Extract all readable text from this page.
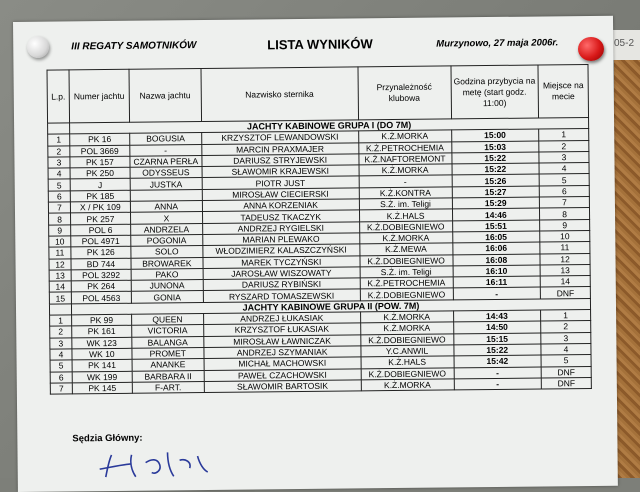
05-2
III REGATY SAMOTNIKÓW	LISTA WYNIKÓW	Murzynowo, 27 maja 2006r.
L.p.	Numer jachtu	Nazwa jachtu	Nazwisko sternika	Przynależność klubowa	Godzina przybycia na metę (start godz. 11:00)	Miejsce na mecie
	JACHTY KABINOWE GRUPA I (DO 7M)					
1	PK 16	BOGUSIA	KRZYSZTOF LEWANDOWSKI	K.Ż.MORKA	15:00	1
2	POL 3669	-	MARCIN PRAXMAJER	K.Ż.PETROCHEMIA	15:03	2
3	PK 157	CZARNA PERŁA	DARIUSZ STRYJEWSKI	K.Ż.NAFTOREMONT	15:22	3
4	PK 250	ODYSSEUS	SŁAWOMIR KRAJEWSKI	K.Ż.MORKA	15:22	4
5	J	JUSTKA	PIOTR JUST	-	15:26	5
6	PK 185		MIROSŁAW CIECIERSKI	K.Ż.KONTRA	15:27	6
7	X / PK 109	ANNA	ANNA KORZENIAK	S.Ż. im. Teligi	15:29	7
8	PK 257	X	TADEUSZ TKACZYK	K.Ż.HALS	14:46	8
9	POL 6	ANDRZELA	ANDRZEJ RYGIELSKI	K.Ż.DOBIEGNIEWO	15:51	9
10	POL 4971	POGONIA	MARIAN PLEWAKO	K.Ż.MORKA	16:05	10
11	PK 126	SOLO	WŁODZIMIERZ KALASZCZYŃSKI	K.Ż.MEWA	16:06	11
12	BD 744	BROWAREK	MAREK TYCZYŃSKI	K.Ż.DOBIEGNIEWO	16:08	12
13	POL 3292	PAKO	JAROSŁAW WISZOWATY	S.Ż. im. Teligi	16:10	13
14	PK 264	JUNONA	DARIUSZ RYBIŃSKI	K.Ż.PETROCHEMIA	16:11	14
15	POL 4563	GONIA	RYSZARD TOMASZEWSKI	K.Ż.DOBIEGNIEWO	-	DNF
	JACHTY KABINOWE GRUPA II (POW. 7M)					
1	PK 99	QUEEN	ANDRZEJ ŁUKASIAK	K.Ż.MORKA	14:43	1
2	PK 161	VICTORIA	KRZYSZTOF ŁUKASIAK	K.Ż.MORKA	14:50	2
3	WK 123	BALANGA	MIROSŁAW ŁAWNICZAK	K.Ż.DOBIEGNIEWO	15:15	3
4	WK 10	PROMET	ANDRZEJ SZYMANIAK	Y.C.ANWIL	15:22	4
5	PK 141	ANANKE	MICHAŁ MACHOWSKI	K.Ż.HALS	15:42	5
6	WK 199	BARBARA II	PAWEŁ CZACHOWSKI	K.Ż.DOBIEGNIEWO	-	DNF
7	PK 145	F-ART.	SŁAWOMIR BARTOSIK	K.Ż.MORKA	-	DNF
Sędzia Główny:
